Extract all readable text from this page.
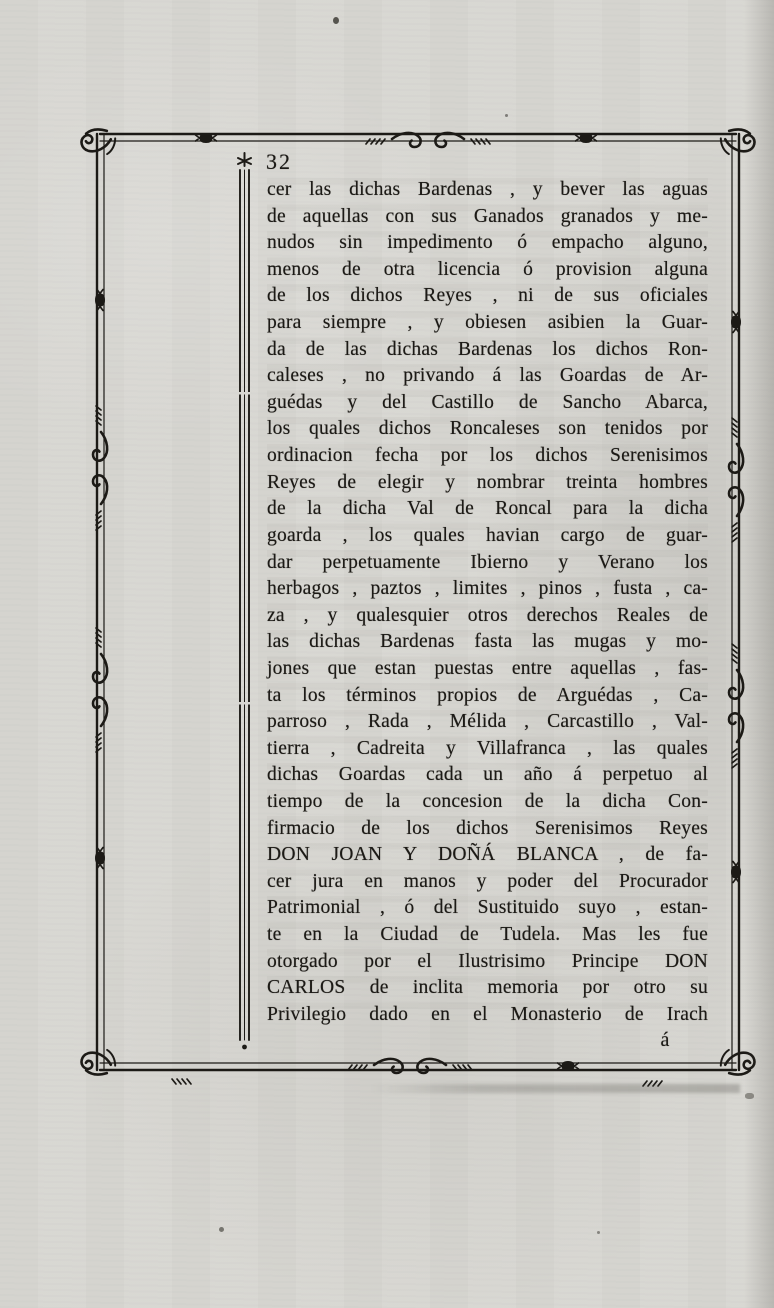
32
cer las dichas Bardenas , y bever las aguas
de aquellas con sus Ganados granados y me-
nudos sin impedimento ó empacho alguno,
menos de otra licencia ó provision alguna
de los dichos Reyes , ni de sus oficiales
para siempre , y obiesen asibien la Guar-
da de las dichas Bardenas los dichos Ron-
caleses , no privando á las Goardas de Ar-
guédas y del Castillo de Sancho Abarca,
los quales dichos Roncaleses son tenidos por
ordinacion fecha por los dichos Serenisimos
Reyes de elegir y nombrar treinta hombres
de la dicha Val de Roncal para la dicha
goarda , los quales havian cargo de guar-
dar perpetuamente Ibierno y Verano los
herbagos , paztos , limites , pinos , fusta , ca-
za , y qualesquier otros derechos Reales de
las dichas Bardenas fasta las mugas y mo-
jones que estan puestas entre aquellas , fas-
ta los términos propios de Arguédas , Ca-
parroso , Rada , Mélida , Carcastillo , Val-
tierra , Cadreita y Villafranca , las quales
dichas Goardas cada un año á perpetuo al
tiempo de la concesion de la dicha Con-
firmacio de los dichos Serenisimos Reyes
DON JOAN Y DOÑÁ BLANCA , de fa-
cer jura en manos y poder del Procurador
Patrimonial , ó del Sustituido suyo , estan-
te en la Ciudad de Tudela. Mas les fue
otorgado por el Ilustrisimo Principe DON
CARLOS de inclita memoria por otro su
Privilegio dado en el Monasterio de Irach
á
